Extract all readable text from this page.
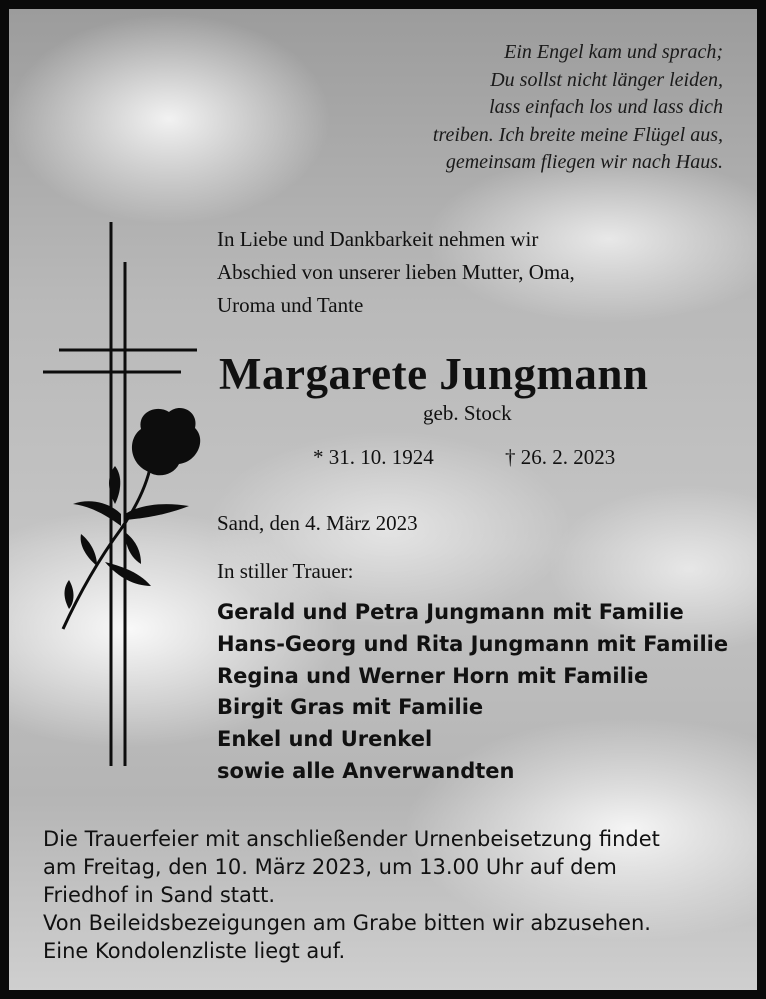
Ein Engel kam und sprach;
Du sollst nicht länger leiden,
lass einfach los und lass dich
treiben. Ich breite meine Flügel aus,
gemeinsam fliegen wir nach Haus.
In Liebe und Dankbarkeit nehmen wir
Abschied von unserer lieben Mutter, Oma,
Uroma und Tante
Margarete Jungmann
geb. Stock
* 31. 10. 1924	† 26. 2. 2023
Sand, den 4. März 2023
In stiller Trauer:
Gerald und Petra Jungmann mit Familie
Hans-Georg und Rita Jungmann mit Familie
Regina und Werner Horn mit Familie
Birgit Gras mit Familie
Enkel und Urenkel
sowie alle Anverwandten
Die Trauerfeier mit anschließender Urnenbeisetzung findet
am Freitag, den 10. März 2023, um 13.00 Uhr auf dem
Friedhof in Sand statt.
Von Beileidsbezeigungen am Grabe bitten wir abzusehen.
Eine Kondolenzliste liegt auf.
